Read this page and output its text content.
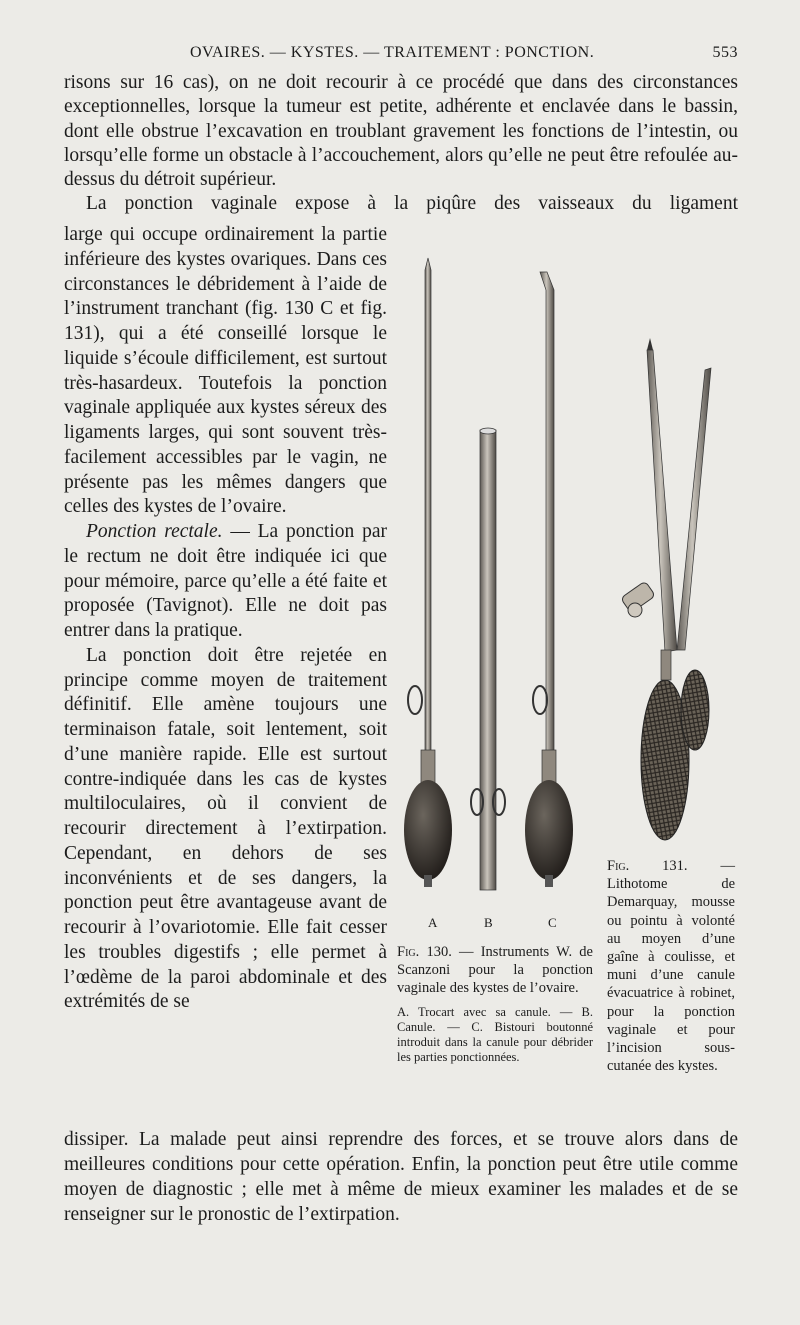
OVAIRES. — KYSTES. — TRAITEMENT : PONCTION.	553

risons sur 16 cas), on ne doit recourir à ce procédé que dans des circonstances exceptionnelles, lorsque la tumeur est petite, adhérente et enclavée dans le bassin, dont elle obstrue l’excavation en troublant gravement les fonctions de l’intestin, ou lorsqu’elle forme un obstacle à l’accouchement, alors qu’elle ne peut être refoulée au-dessus du détroit supérieur.

La ponction vaginale expose à la piqûre des vaisseaux du ligament

large qui occupe ordinairement la partie inférieure des kystes ovariques. Dans ces circonstances le débridement à l’aide de l’instrument tranchant (fig. 130 C et fig. 131), qui a été conseillé lorsque le liquide s’écoule difficilement, est surtout très-hasardeux. Toutefois la ponction vaginale appliquée aux kystes séreux des ligaments larges, qui sont souvent très-facilement accessibles par le vagin, ne présente pas les mêmes dangers que celles des kystes de l’ovaire.

Ponction rectale. — La ponction par le rectum ne doit être indiquée ici que pour mémoire, parce qu’elle a été faite et proposée (Tavignot). Elle ne doit pas entrer dans la pratique.

La ponction doit être rejetée en principe comme moyen de traitement définitif. Elle amène toujours une terminaison fatale, soit lentement, soit d’une manière rapide. Elle est surtout contre-indiquée dans les cas de kystes multiloculaires, où il convient de recourir directement à l’extirpation. Cependant, en dehors de ses inconvénients et de ses dangers, la ponction peut être avantageuse avant de recourir à l’ovariotomie. Elle fait cesser les troubles digestifs ; elle permet à l’œdème de la paroi abdominale et des extrémités de se

A	B	C

Fig. 130. — Instruments W. de Scanzoni pour la ponction vaginale des kystes de l’ovaire.

A. Trocart avec sa canule. — B. Canule. — C. Bistouri boutonné introduit dans la canule pour débrider les parties ponctionnées.

Fig. 131. — Lithotome de Demarquay, mousse ou pointu à volonté au moyen d’une gaîne à coulisse, et muni d’une canule évacuatrice à robinet, pour la ponction vaginale et pour l’incision sous-cutanée des kystes.

dissiper. La malade peut ainsi reprendre des forces, et se trouve alors dans de meilleures conditions pour cette opération. Enfin, la ponction peut être utile comme moyen de diagnostic ; elle met à même de mieux examiner les malades et de se renseigner sur le pronostic de l’extirpation.
